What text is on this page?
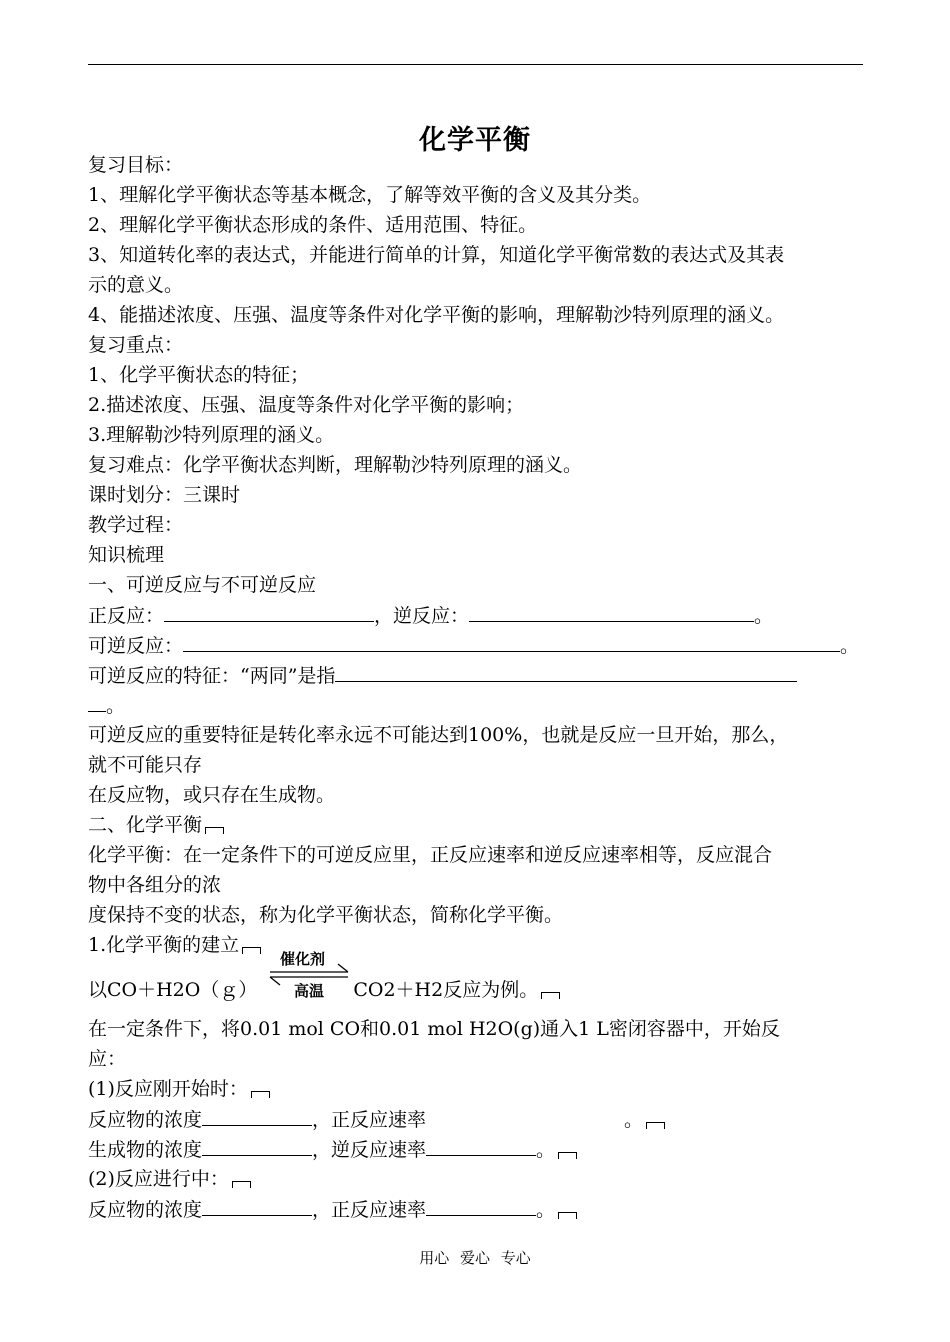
化学平衡
复习目标：
1、理解化学平衡状态等基本概念，了解等效平衡的含义及其分类。
2、理解化学平衡状态形成的条件、适用范围、特征。
3、知道转化率的表达式，并能进行简单的计算，知道化学平衡常数的表达式及其表
示的意义。
4、能描述浓度、压强、温度等条件对化学平衡的影响，理解勒沙特列原理的涵义。
复习重点：
1、化学平衡状态的特征；
2.描述浓度、压强、温度等条件对化学平衡的影响；
3.理解勒沙特列原理的涵义。
复习难点：化学平衡状态判断，理解勒沙特列原理的涵义。
课时划分：三课时
教学过程：
知识梳理
一、可逆反应与不可逆反应
正反应：	，逆反应：	。
可逆反应：	。
可逆反应的特征：“两同”是指
。
可逆反应的重要特征是转化率永远不可能达到100%，也就是反应一旦开始，那么，
就不可能只存
在反应物，或只存在生成物。
二、化学平衡
化学平衡：在一定条件下的可逆反应里，正反应速率和逆反应速率相等，反应混合
物中各组分的浓
度保持不变的状态，称为化学平衡状态，简称化学平衡。
1.化学平衡的建立
以CO＋H2O（ｇ）	CO2＋H2反应为例。
催化剂
高温
在一定条件下，将0.01 mol CO和0.01 mol H2O(g)通入1 L密闭容器中，开始反
应：
(1)反应刚开始时：
反应物的浓度	，正反应速率	。
生成物的浓度	，逆反应速率	。
(2)反应进行中：
反应物的浓度	，正反应速率	。
用心 爱心 专心
